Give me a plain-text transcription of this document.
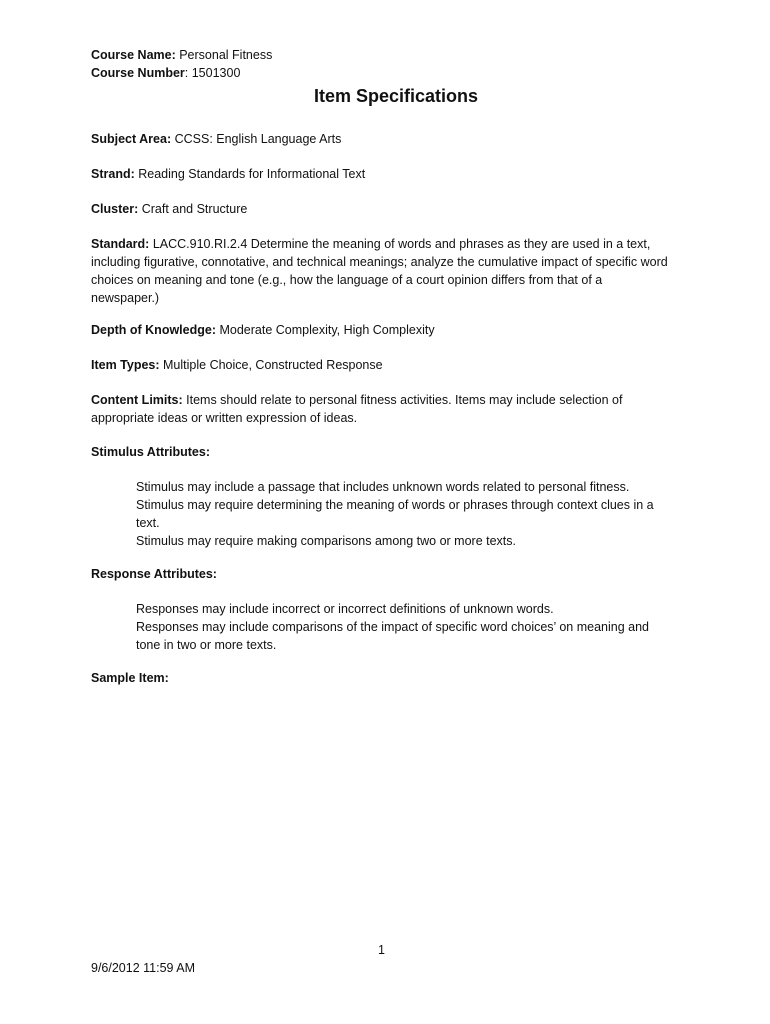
Course Name: Personal Fitness
Course Number: 1501300
Item Specifications
Subject Area: CCSS: English Language Arts
Strand: Reading Standards for Informational Text
Cluster: Craft and Structure
Standard: LACC.910.RI.2.4 Determine the meaning of words and phrases as they are used in a text, including figurative, connotative, and technical meanings; analyze the cumulative impact of specific word choices on meaning and tone (e.g., how the language of a court opinion differs from that of a newspaper.)
Depth of Knowledge: Moderate Complexity, High Complexity
Item Types: Multiple Choice, Constructed Response
Content Limits: Items should relate to personal fitness activities. Items may include selection of appropriate ideas or written expression of ideas.
Stimulus Attributes:
Stimulus may include a passage that includes unknown words related to personal fitness.
Stimulus may require determining the meaning of words or phrases through context clues in a text.
Stimulus may require making comparisons among two or more texts.
Response Attributes:
Responses may include incorrect or incorrect definitions of unknown words.
Responses may include comparisons of the impact of specific word choices’ on meaning and tone in two or more texts.
Sample Item:
1
9/6/2012 11:59 AM
